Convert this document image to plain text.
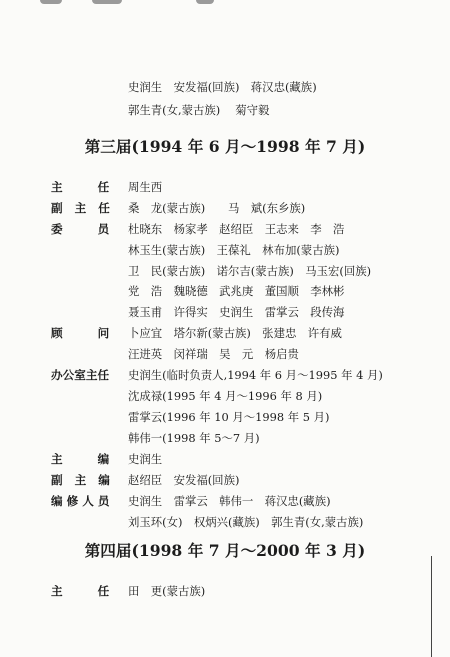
史润生　安发福(回族)　蒋汉忠(藏族)
郭生青(女,蒙古族)　 菊守毅
第三届(1994 年 6 月～1998 年 7 月)
主	任 周生西
副 主 任 桑　龙(蒙古族)　　马　斌(东乡族)
委	员 杜晓东　杨家孝　赵绍臣　王志来　李　浩
林玉生(蒙古族)　王葆礼　林布加(蒙古族)
卫　民(蒙古族)　诺尔吉(蒙古族)　马玉宏(回族)
党　浩　魏晓德　武兆庚　董国顺　李林彬
聂玉甫　许得实　史润生　雷掌云　段传海
顾	问 卜应宜　塔尔新(蒙古族)　张建忠　许有威
汪进英　闵祥瑞　吴　元　杨启贵
办公室主任 史润生(临时负责人,1994 年 6 月～1995 年 4 月)
沈成禄(1995 年 4 月～1996 年 8 月)
雷掌云(1996 年 10 月～1998 年 5 月)
韩伟一(1998 年 5～7 月)
主	编 史润生
副 主 编 赵绍臣　安发福(回族)
编 修 人 员 史润生　雷掌云　韩伟一　蒋汉忠(藏族)
刘玉环(女)　权炳兴(藏族)　郭生青(女,蒙古族)
第四届(1998 年 7 月～2000 年 3 月)
主	任 田　更(蒙古族)
